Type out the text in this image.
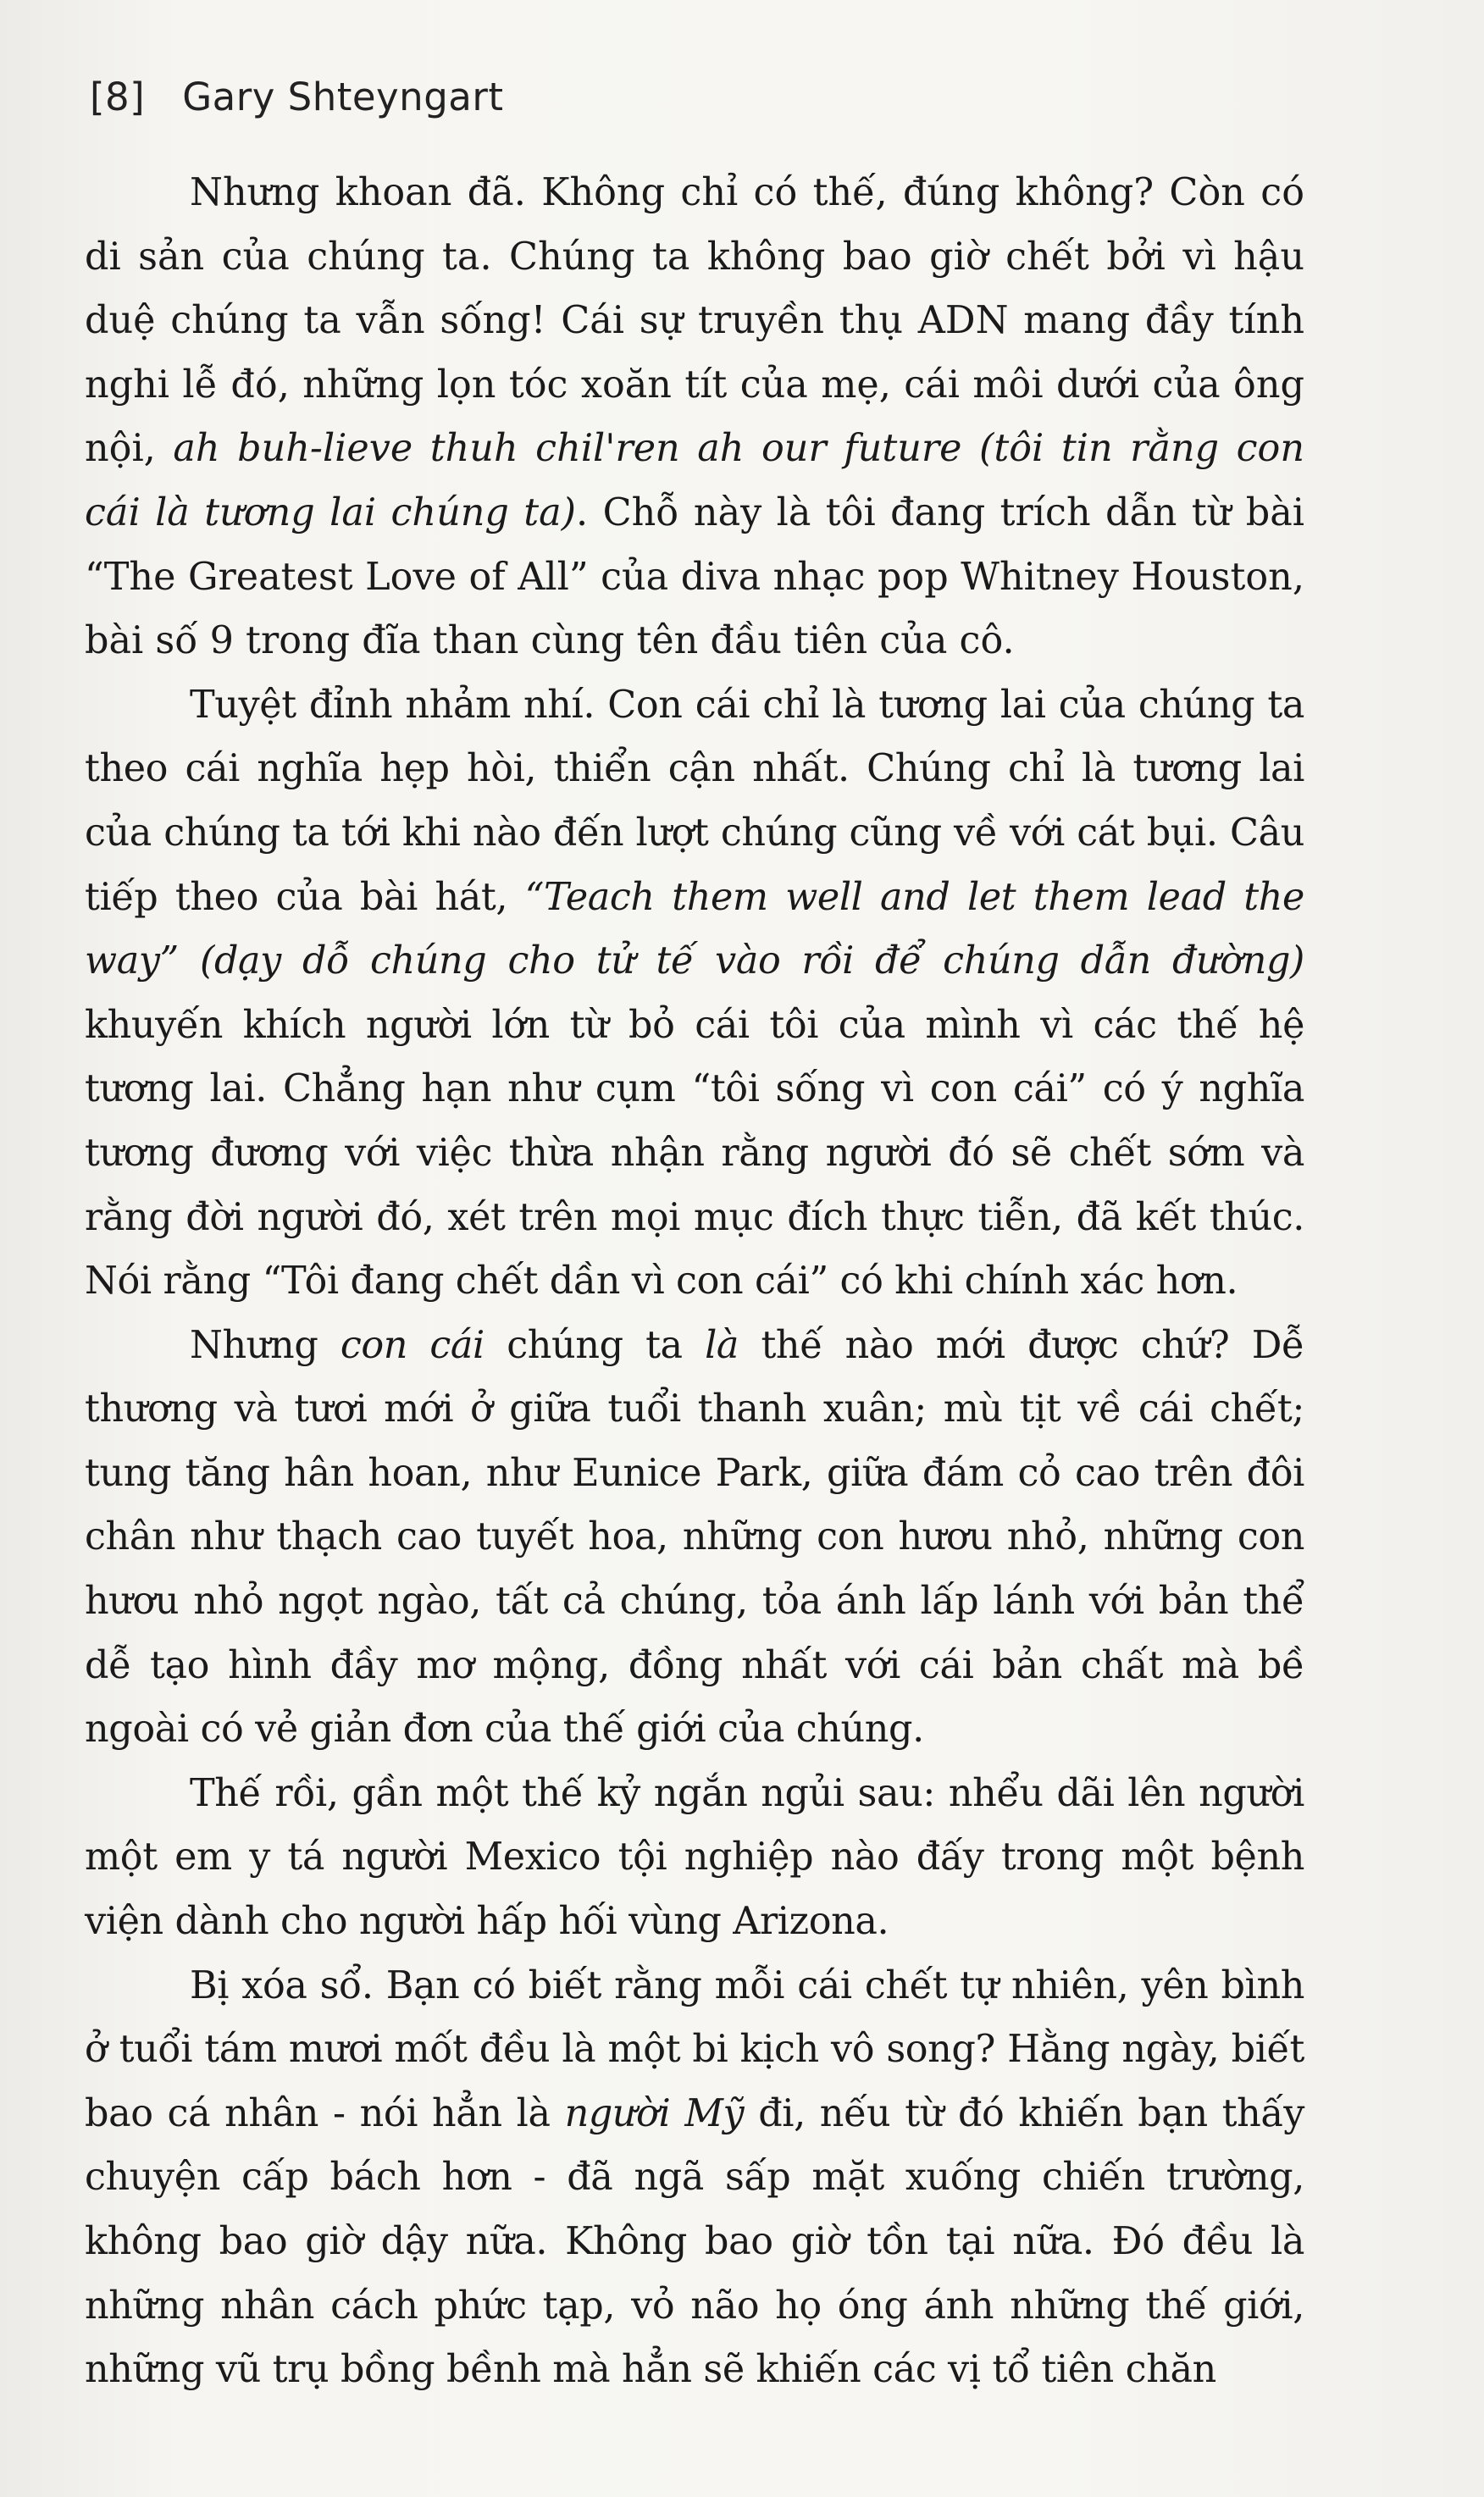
[8] Gary Shteyngart

Nhưng khoan đã. Không chỉ có thế, đúng không? Còn có di sản của chúng ta. Chúng ta không bao giờ chết bởi vì hậu duệ chúng ta vẫn sống! Cái sự truyền thụ ADN mang đầy tính nghi lễ đó, những lọn tóc xoăn tít của mẹ, cái môi dưới của ông nội, ah buh-lieve thuh chil'ren ah our future (tôi tin rằng con cái là tương lai chúng ta). Chỗ này là tôi đang trích dẫn từ bài “The Greatest Love of All” của diva nhạc pop Whitney Houston, bài số 9 trong đĩa than cùng tên đầu tiên của cô.

Tuyệt đỉnh nhảm nhí. Con cái chỉ là tương lai của chúng ta theo cái nghĩa hẹp hòi, thiển cận nhất. Chúng chỉ là tương lai của chúng ta tới khi nào đến lượt chúng cũng về với cát bụi. Câu tiếp theo của bài hát, “Teach them well and let them lead the way” (dạy dỗ chúng cho tử tế vào rồi để chúng dẫn đường) khuyến khích người lớn từ bỏ cái tôi của mình vì các thế hệ tương lai. Chẳng hạn như cụm “tôi sống vì con cái” có ý nghĩa tương đương với việc thừa nhận rằng người đó sẽ chết sớm và rằng đời người đó, xét trên mọi mục đích thực tiễn, đã kết thúc. Nói rằng “Tôi đang chết dần vì con cái” có khi chính xác hơn.

Nhưng con cái chúng ta là thế nào mới được chứ? Dễ thương và tươi mới ở giữa tuổi thanh xuân; mù tịt về cái chết; tung tăng hân hoan, như Eunice Park, giữa đám cỏ cao trên đôi chân như thạch cao tuyết hoa, những con hươu nhỏ, những con hươu nhỏ ngọt ngào, tất cả chúng, tỏa ánh lấp lánh với bản thể dễ tạo hình đầy mơ mộng, đồng nhất với cái bản chất mà bề ngoài có vẻ giản đơn của thế giới của chúng.

Thế rồi, gần một thế kỷ ngắn ngủi sau: nhểu dãi lên người một em y tá người Mexico tội nghiệp nào đấy trong một bệnh viện dành cho người hấp hối vùng Arizona.

Bị xóa sổ. Bạn có biết rằng mỗi cái chết tự nhiên, yên bình ở tuổi tám mươi mốt đều là một bi kịch vô song? Hằng ngày, biết bao cá nhân - nói hẳn là người Mỹ đi, nếu từ đó khiến bạn thấy chuyện cấp bách hơn - đã ngã sấp mặt xuống chiến trường, không bao giờ dậy nữa. Không bao giờ tồn tại nữa. Đó đều là những nhân cách phức tạp, vỏ não họ óng ánh những thế giới, những vũ trụ bồng bềnh mà hẳn sẽ khiến các vị tổ tiên chăn
